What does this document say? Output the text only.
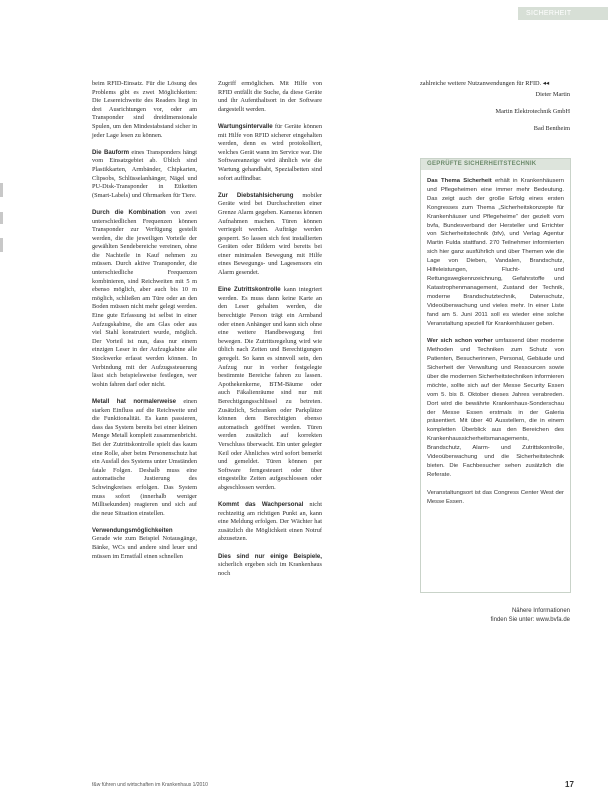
SICHERHEIT

beim RFID-Einsatz. Für die Lösung des Problems gibt es zwei Möglichkeiten: Die Lesereichweite des Readers liegt in drei Ausrichtungen vor, oder am Transponder sind dreidimensionale Spulen, um den Mindestabstand sicher in jeder Lage lesen zu können.

Die Bauform eines Transponders hängt vom Einsatzgebiet ab. Üblich sind Plastikkarten, Armbänder, Chipkarten, Clipsobs, Schlüsselanhänger, Nägel und PU-Disk-Transponder in Etiketten (Smart-Labels) und Ohrmarken für Tiere.

Durch die Kombination von zwei unterschiedlichen Frequenzen können Transponder zur Verfügung gestellt werden, die die jeweiligen Vorteile der gewählten Sendebereiche vereinen, ohne die Nachteile in Kauf nehmen zu müssen. Durch aktive Transponder, die unterschiedliche Frequenzen kombinieren, sind Reichweiten mit 5 m ebenso möglich, aber auch bis 10 m möglich, schließen am Türe oder an den Boden müssen nicht mehr gelegt werden. Eine gute Erfassung ist selbst in einer Aufzugskabine, die am Glas oder aus viel Stahl konstruiert wurde, möglich. Der Vorteil ist nun, dass nur einem einzigen Leser in der Aufzugkabine alle Stockwerke erfasst werden können. In Verbindung mit der Aufzugssteuerung lässt sich beispielsweise festlegen, wer wohin fahren darf oder nicht.

Metall hat normalerweise einen starken Einfluss auf die Reichweite und die Funktionalität. Es kann passieren, dass das System bereits bei einer kleinen Menge Metall komplett zusammenbricht. Bei der Zutrittskontrolle spielt das kaum eine Rolle, aber beim Personenschutz hat ein Ausfall des Systems unter Umständen fatale Folgen. Deshalb muss eine automatische Justierung des Schwingkreises erfolgen. Das System muss sofort (innerhalb weniger Millisekunden) reagieren und sich auf die neue Situation einstellen.

Verwendungsmöglichkeiten
Gerade wie zum Beispiel Notausgänge, Bänke, WCs und andere sind leuer und müssen im Ernstfall einen schnellen

Zugriff ermöglichen. Mit Hilfe von RFID entfällt die Suche, da diese Geräte und ihr Aufenthaltsort in der Software dargestellt werden.

Wartungsintervalle für Geräte können mit Hilfe von RFID sicherer eingehalten werden, denn es wird protokolliert, welches Gerät wann im Service war. Die Softwareanzeige wird ähnlich wie die Wartung gehandhabt, Spezialbetten sind sofort auffindbar.

Zur Diebstahlsicherung mobiler Geräte wird bei Durchschreiten einer Grenze Alarm gegeben. Kameras können Aufnahmen machen. Türen können verriegelt werden. Aufträge werden gesperrt. So lassen sich fest installierten Geräten oder Bildern wird bereits bei einer minimalen Bewegung mit Hilfe eines Bewegungs- und Lagesensors ein Alarm gesendet.

Eine Zutrittskontrolle kann integriert werden. Es muss dann keine Karte an den Leser gehalten werden, die berechtigte Person trägt ein Armband oder einen Anhänger und kann sich ohne eine weitere Handbewegung frei bewegen. Die Zutrittsregelung wird wie üblich nach Zeiten und Berechtigungen geregelt. So kann es sinnvoll sein, den Aufzug nur in vorher festgelegte bestimmte Bereiche fahren zu lassen. Apothekenkerne, BTM-Bäume oder auch Fäkalienräume sind nur mit Berechtigungsschlüssel zu betreten. Zusätzlich, Schranken oder Parkplätze können dem Berechtigten ebenso automatisch geöffnet werden. Türen werden zusätzlich auf korrekten Verschluss überwacht. Ein unter gelegter Keil oder Ähnliches wird sofort bemerkt und gemeldet. Türen können per Software ferngesteuert oder über eingestellte Zeiten aufgeschlossen oder abgeschlossen werden.

Kommt das Wachpersonal nicht rechtzeitig am richtigen Punkt an, kann eine Meldung erfolgen. Der Wächter hat zusätzlich die Möglichkeit einen Notruf abzusetzen.

Dies sind nur einige Beispiele, sicherlich ergeben sich im Krankenhaus noch

zahlreiche weitere Nutzanwendungen für RFID. ◂◂

Dieter Martin

Martin Elektrotechnik GmbH

Bad Bentheim

GEPRÜFTE SICHERHEITSTECHNIK

Das Thema Sicherheit erhält in Krankenhäusern und Pflegeheimen eine immer mehr Bedeutung. Das zeigt auch der große Erfolg eines ersten Kongresses zum Thema „Sicherheitskonzepte für Krankenhäuser und Pflegeheime“ der gezielt vom bvfa, Bundesverband der Hersteller und Errichter von Sicherheitstechnik (bfv), und Verlag Agentur Martin Fulda stattfand. 270 Teilnehmer informierten sich hier ganz ausführlich und über Themen wie die Lage von Dieben, Vandalen, Brandschutz, Hilfeleistungen, Flucht- und Rettungswegkennzeichnung, Gefahrstoffe und Katastrophenmanagement, Zustand der Technik, moderne Brandschutztechnik, Datenschutz, Videoüberwachung und vieles mehr. In einer Liste fand am 5. Juni 2011 soll es wieder eine solche Veranstaltung speziell für Krankenhäuser geben.

Wer sich schon vorher umfassend über moderne Methoden und Techniken zum Schutz von Patienten, Besucherinnen, Personal, Gebäude und Sicherheit der Verwaltung und Ressourcen sowie über die modernen Sicherheitstechniken informieren möchte, sollte sich auf der Messe Security Essen vom 5. bis 8. Oktober dieses Jahres verabreden. Dort wird die bewährte Krankenhaus-Sonderschau der Messe Essen erstmals in der Galeria präsentiert. Mit über 40 Ausstellern, die in einem kompletten Überblick aus den Bereichen des Krankenhaussicherheitsmanagements, Brandschutz, Alarm- und Zutrittskontrolle, Videoüberwachung und die Sicherheitstechnik bieten. Die Fachbesucher sehen zusätzlich die Referate.

Veranstaltungsort ist das Congress Center West der Messe Essen.

Nähere Informationen
finden Sie unter: www.bvfa.de
f&w führen und wirtschaften im Krankenhaus 1/2010	17
